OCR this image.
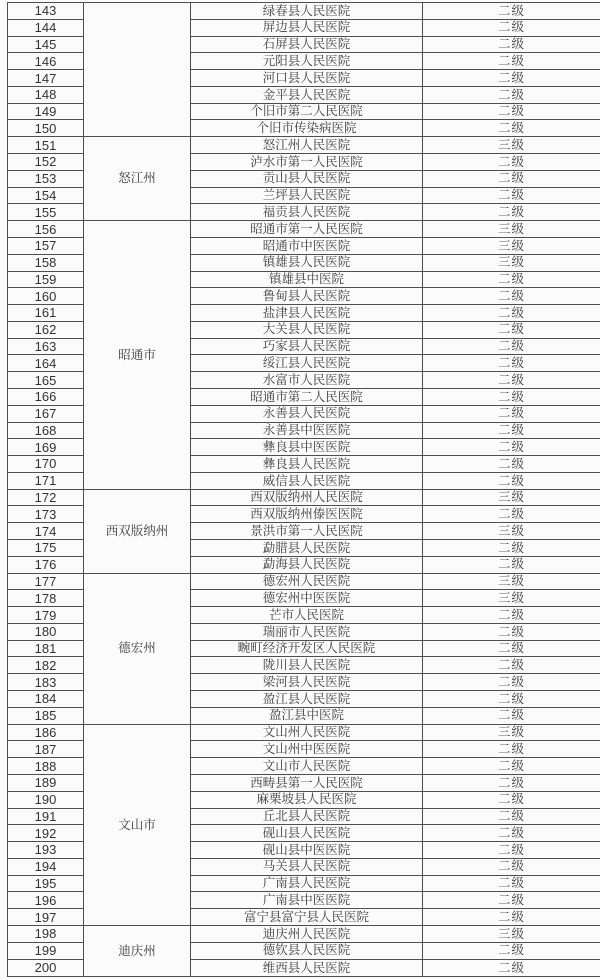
143		绿春县人民医院	二级
144		屏边县人民医院	二级
145		石屏县人民医院	二级
146		元阳县人民医院	二级
147		河口县人民医院	二级
148		金平县人民医院	二级
149		个旧市第二人民医院	二级
150		个旧市传染病医院	二级
151	怒江州	怒江州人民医院	三级
152		泸水市第一人民医院	二级
153		贡山县人民医院	二级
154		兰坪县人民医院	二级
155		福贡县人民医院	二级
156	昭通市	昭通市第一人民医院	三级
157		昭通市中医医院	三级
158		镇雄县人民医院	三级
159		镇雄县中医院	二级
160		鲁甸县人民医院	二级
161		盐津县人民医院	二级
162		大关县人民医院	二级
163		巧家县人民医院	二级
164		绥江县人民医院	二级
165		水富市人民医院	二级
166		昭通市第二人民医院	二级
167		永善县人民医院	二级
168		永善县中医医院	二级
169		彝良县中医医院	二级
170		彝良县人民医院	二级
171		威信县人民医院	二级
172	西双版纳州	西双版纳州人民医院	三级
173		西双版纳州傣医医院	二级
174		景洪市第一人民医院	三级
175		勐腊县人民医院	二级
176		勐海县人民医院	二级
177	德宏州	德宏州人民医院	三级
178		德宏州中医医院	三级
179		芒市人民医院	二级
180		瑞丽市人民医院	二级
181		畹町经济开发区人民医院	二级
182		陇川县人民医院	二级
183		梁河县人民医院	二级
184		盈江县人民医院	二级
185		盈江县中医院	二级
186	文山市	文山州人民医院	三级
187		文山州中医医院	二级
188		文山市人民医院	二级
189		西畴县第一人民医院	二级
190		麻栗坡县人民医院	二级
191		丘北县人民医院	二级
192		砚山县人民医院	二级
193		砚山县中医医院	二级
194		马关县人民医院	二级
195		广南县人民医院	二级
196		广南县中医医院	二级
197		富宁县富宁县人民医院	二级
198	迪庆州	迪庆州人民医院	三级
199		德钦县人民医院	二级
200		维西县人民医院	二级
